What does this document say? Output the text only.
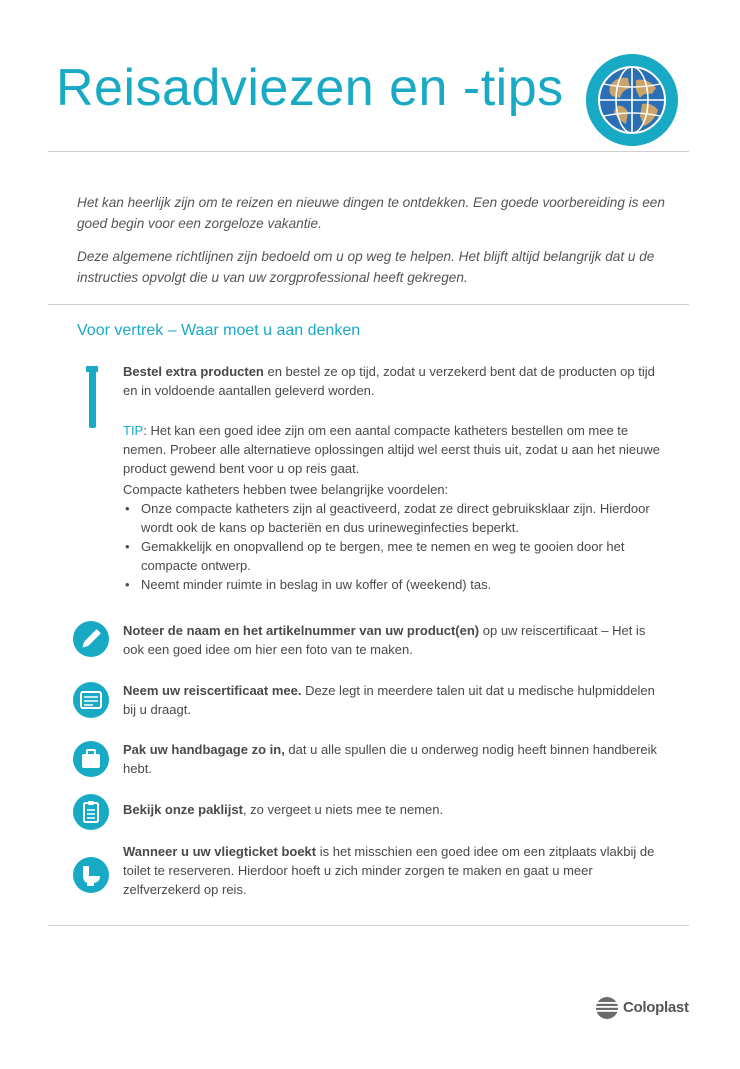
Reisadviezen en -tips

Het kan heerlijk zijn om te reizen en nieuwe dingen te ontdekken. Een goede voorbereiding is een goed begin voor een zorgeloze vakantie.

Deze algemene richtlijnen zijn bedoeld om u op weg te helpen. Het blijft altijd belangrijk dat u de instructies opvolgt die u van uw zorgprofessional heeft gekregen.

Voor vertrek – Waar moet u aan denken
Bestel extra producten en bestel ze op tijd, zodat u verzekerd bent dat de producten op tijd en in voldoende aantallen geleverd worden.
TIP: Het kan een goed idee zijn om een aantal compacte katheters bestellen om mee te nemen. Probeer alle alternatieve oplossingen altijd wel eerst thuis uit, zodat u aan het nieuwe product gewend bent voor u op reis gaat.
Compacte katheters hebben twee belangrijke voordelen:
• Onze compacte katheters zijn al geactiveerd, zodat ze direct gebruiksklaar zijn. Hierdoor wordt ook de kans op bacteriën en dus urineweginfecties beperkt.
• Gemakkelijk en onopvallend op te bergen, mee te nemen en weg te gooien door het compacte ontwerp.
• Neemt minder ruimte in beslag in uw koffer of (weekend) tas.
Noteer de naam en het artikelnummer van uw product(en) op uw reiscertificaat – Het is ook een goed idee om hier een foto van te maken.
Neem uw reiscertificaat mee. Deze legt in meerdere talen uit dat u medische hulpmiddelen bij u draagt.
Pak uw handbagage zo in, dat u alle spullen die u onderweg nodig heeft binnen handbereik hebt.
Bekijk onze paklijst, zo vergeet u niets mee te nemen.
Wanneer u uw vliegticket boekt is het misschien een goed idee om een zitplaats vlakbij de toilet te reserveren. Hierdoor hoeft u zich minder zorgen te maken en gaat u meer zelfverzekerd op reis.
Coloplast
